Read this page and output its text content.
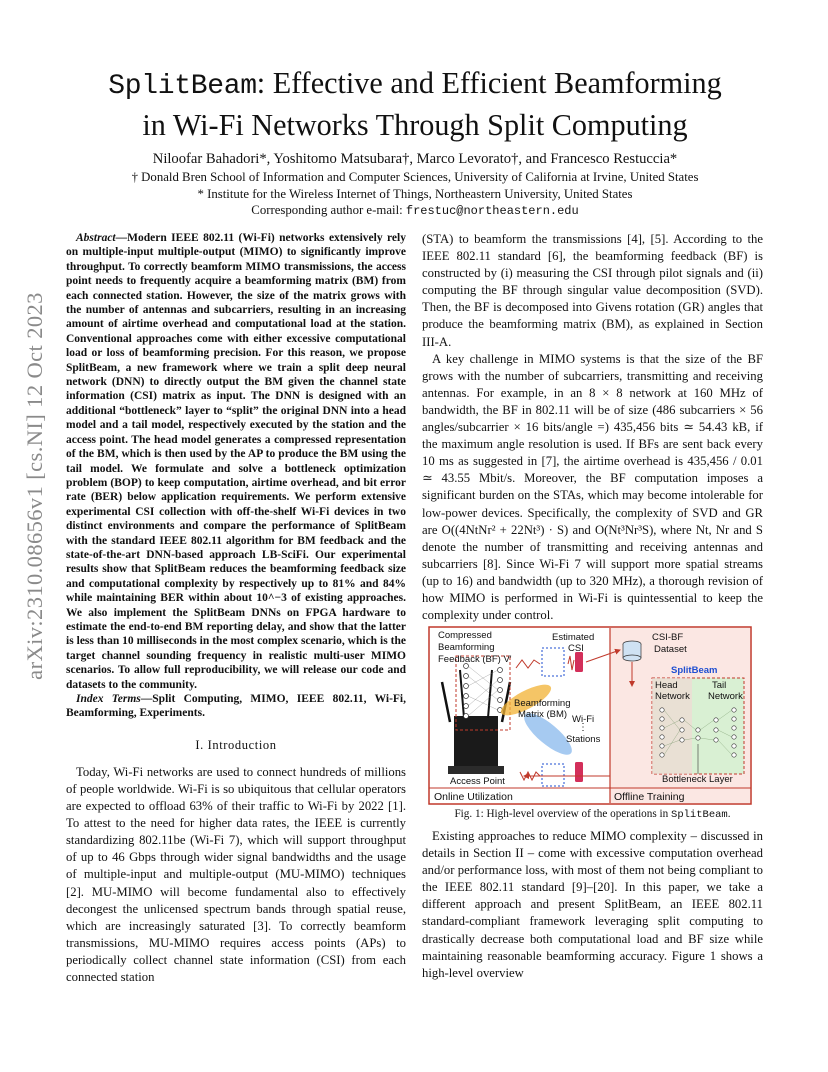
arXiv:2310.08656v1 [cs.NI] 12 Oct 2023
SplitBeam: Effective and Efficient Beamforming
in Wi-Fi Networks Through Split Computing
Niloofar Bahadori*, Yoshitomo Matsubara†, Marco Levorato†, and Francesco Restuccia*
† Donald Bren School of Information and Computer Sciences, University of California at Irvine, United States
* Institute for the Wireless Internet of Things, Northeastern University, United States
Corresponding author e-mail: frestuc@northeastern.edu

Abstract—Modern IEEE 802.11 (Wi-Fi) networks extensively rely on multiple-input multiple-output (MIMO) to significantly improve throughput. To correctly beamform MIMO transmissions, the access point needs to frequently acquire a beamforming matrix (BM) from each connected station. However, the size of the matrix grows with the number of antennas and subcarriers, resulting in an increasing amount of airtime overhead and computational load at the station. Conventional approaches come with either excessive computational load or loss of beamforming precision. For this reason, we propose SplitBeam, a new framework where we train a split deep neural network (DNN) to directly output the BM given the channel state information (CSI) matrix as input. The DNN is designed with an additional “bottleneck” layer to “split” the original DNN into a head model and a tail model, respectively executed by the station and the access point. The head model generates a compressed representation of the BM, which is then used by the AP to produce the BM using the tail model. We formulate and solve a bottleneck optimization problem (BOP) to keep computation, airtime overhead, and bit error rate (BER) below application requirements. We perform extensive experimental CSI collection with off-the-shelf Wi-Fi devices in two distinct environments and compare the performance of SplitBeam with the standard IEEE 802.11 algorithm for BM feedback and the state-of-the-art DNN-based approach LB-SciFi. Our experimental results show that SplitBeam reduces the beamforming feedback size and computational complexity by respectively up to 81% and 84% while maintaining BER within about 10^−3 of existing approaches. We also implement the SplitBeam DNNs on FPGA hardware to estimate the end-to-end BM reporting delay, and show that the latter is less than 10 milliseconds in the most complex scenario, which is the target channel sounding frequency in realistic multi-user MIMO scenarios. To allow full reproducibility, we will release our code and datasets to the community.

Index Terms—Split Computing, MIMO, IEEE 802.11, Wi-Fi, Beamforming, Experiments.

I. Introduction

Today, Wi-Fi networks are used to connect hundreds of millions of people worldwide. Wi-Fi is so ubiquitous that cellular operators are expected to offload 63% of their traffic to Wi-Fi by 2022 [1]. To attest to the need for higher data rates, the IEEE is currently standardizing 802.11be (Wi-Fi 7), which will support throughput of up to 46 Gbps through wider signal bandwidths and the usage of multiple-input and multiple-output (MU-MIMO) techniques [2]. MU-MIMO will become fundamental also to effectively decongest the unlicensed spectrum bands through spatial reuse, which are increasingly saturated [3]. To correctly beamform transmissions, MU-MIMO requires access points (APs) to periodically collect channel state information (CSI) from each connected station

(STA) to beamform the transmissions [4], [5]. According to the IEEE 802.11 standard [6], the beamforming feedback (BF) is constructed by (i) measuring the CSI through pilot signals and (ii) computing the BF through singular value decomposition (SVD). Then, the BF is decomposed into Givens rotation (GR) angles that produce the beamforming matrix (BM), as explained in Section III-A.

A key challenge in MIMO systems is that the size of the BF grows with the number of subcarriers, transmitting and receiving antennas. For example, in an 8 × 8 network at 160 MHz of bandwidth, the BF in 802.11 will be of size (486 subcarriers × 56 angles/subcarrier × 16 bits/angle =) 435,456 bits ≃ 54.43 kB, if the maximum angle resolution is used. If BFs are sent back every 10 ms as suggested in [7], the airtime overhead is 435,456 / 0.01 ≃ 43.55 Mbit/s. Moreover, the BF computation imposes a significant burden on the STAs, which may become intolerable for low-power devices. Specifically, the complexity of SVD and GR are O((4NtNr² + 22Nt³) · S) and O(Nt³Nr³S), where Nt, Nr and S denote the number of transmitting and receiving antennas and subcarriers [8]. Since Wi-Fi 7 will support more spatial streams (up to 16) and bandwidth (up to 320 MHz), a thorough revision of how MIMO is performed in Wi-Fi is quintessential to keep the complexity under control.

Compressed
Beamforming
Feedback (BF) V'
Estimated
CSI
CSI-BF
Dataset
SplitBeam
Head
Network
Tail
Network
Beamforming
Matrix (BM) Wi-Fi
Stations
Access Point	Bottleneck Layer
Online Utilization	Offline Training
⋮
Fig. 1: High-level overview of the operations in SplitBeam.

Existing approaches to reduce MIMO complexity – discussed in details in Section II – come with excessive computation overhead and/or performance loss, with most of them not being compliant to the IEEE 802.11 standard [9]–[20]. In this paper, we take a different approach and present SplitBeam, an IEEE 802.11 standard-compliant framework leveraging split computing to drastically decrease both computational load and BF size while maintaining reasonable beamforming accuracy. Figure 1 shows a high-level overview
